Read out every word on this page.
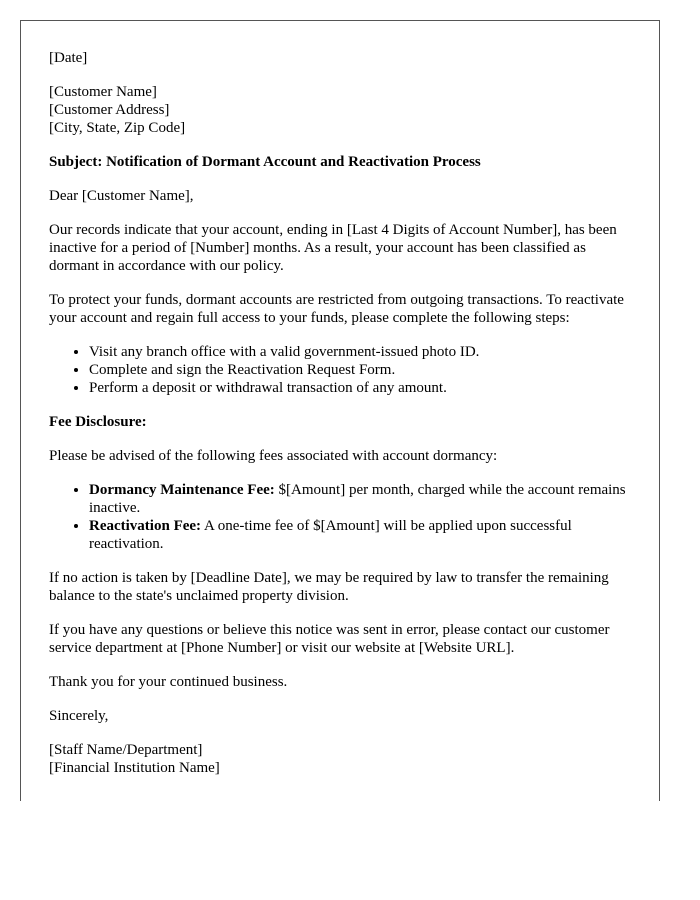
[Date]
[Customer Name]
[Customer Address]
[City, State, Zip Code]

Subject: Notification of Dormant Account and Reactivation Process

Dear [Customer Name],

Our records indicate that your account, ending in [Last 4 Digits of Account Number], has been inactive for a period of [Number] months. As a result, your account has been classified as dormant in accordance with our policy.

To protect your funds, dormant accounts are restricted from outgoing transactions. To reactivate your account and regain full access to your funds, please complete the following steps:

• Visit any branch office with a valid government-issued photo ID.
• Complete and sign the Reactivation Request Form.
• Perform a deposit or withdrawal transaction of any amount.

Fee Disclosure:

Please be advised of the following fees associated with account dormancy:

• Dormancy Maintenance Fee: $[Amount] per month, charged while the account remains inactive.
• Reactivation Fee: A one-time fee of $[Amount] will be applied upon successful reactivation.

If no action is taken by [Deadline Date], we may be required by law to transfer the remaining balance to the state's unclaimed property division.

If you have any questions or believe this notice was sent in error, please contact our customer service department at [Phone Number] or visit our website at [Website URL].

Thank you for your continued business.

Sincerely,

[Staff Name/Department]
[Financial Institution Name]
